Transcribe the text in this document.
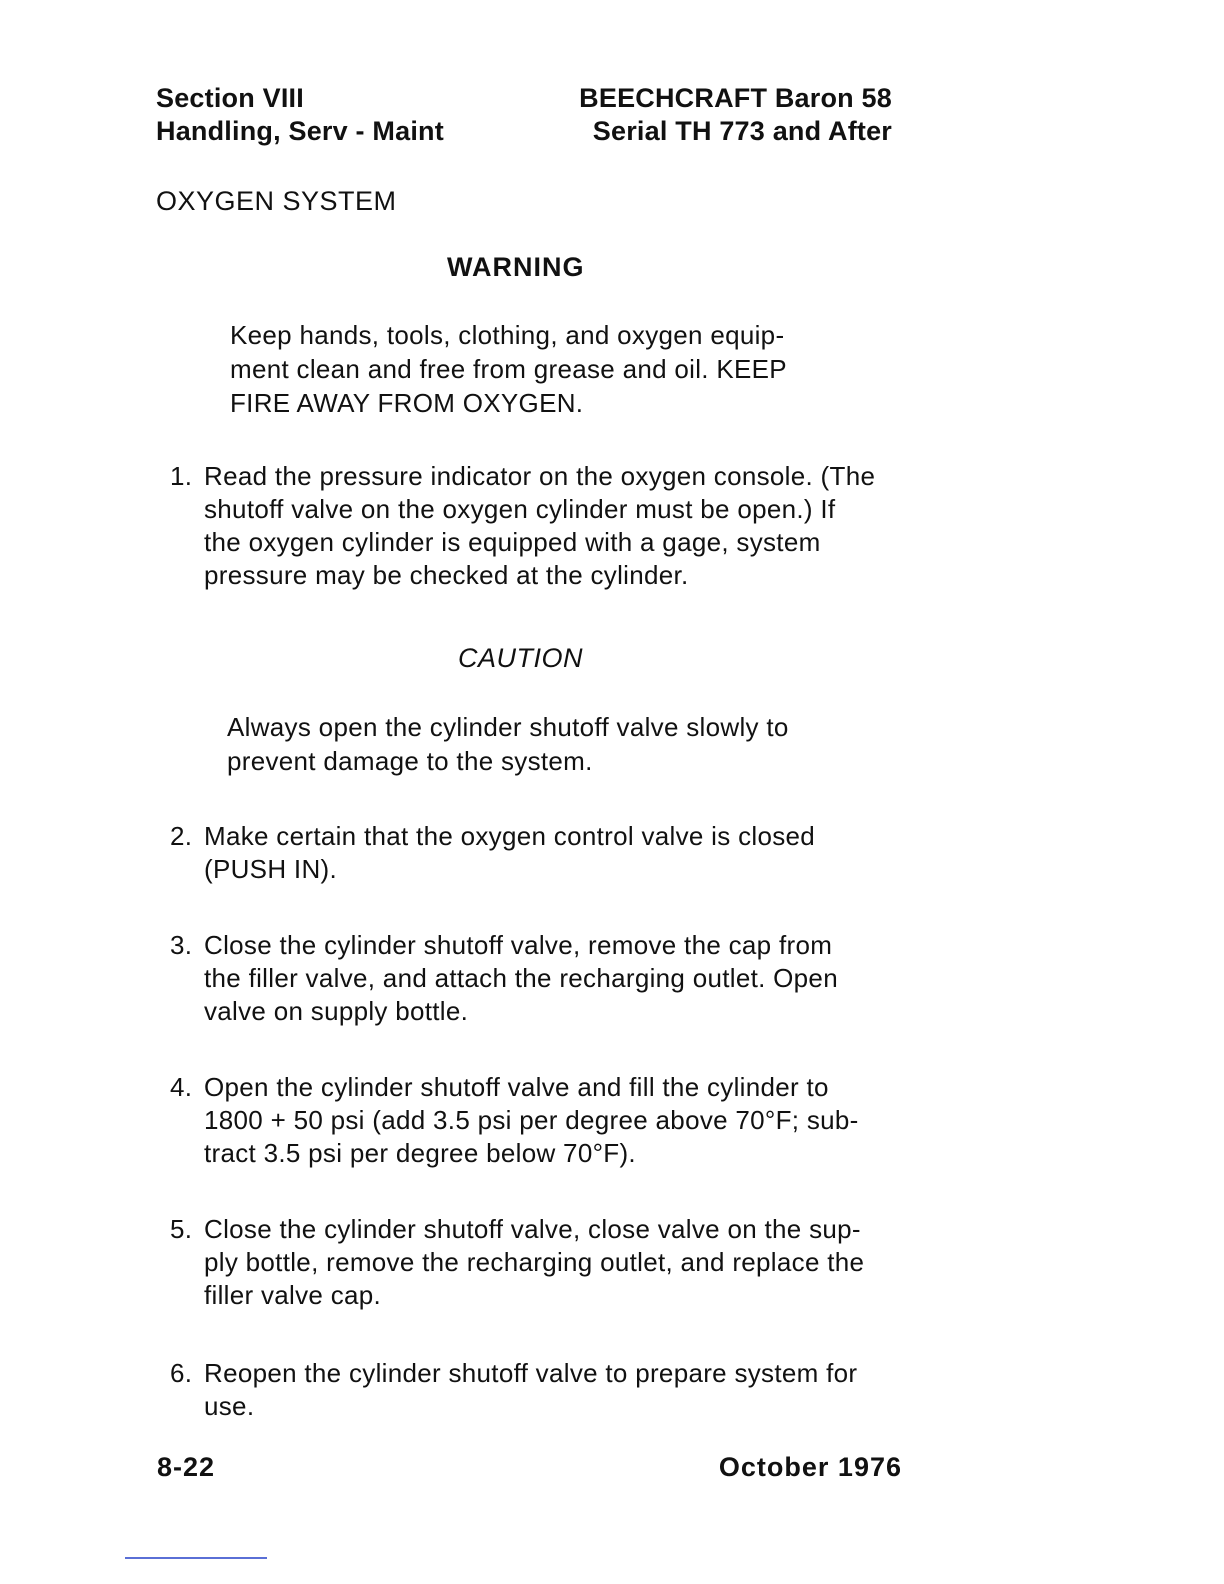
Section VIII
Handling, Serv - Maint
BEECHCRAFT Baron 58
Serial TH 773 and After
OXYGEN SYSTEM
WARNING
Keep hands, tools, clothing, and oxygen equip-
ment clean and free from grease and oil. KEEP
FIRE AWAY FROM OXYGEN.
1. Read the pressure indicator on the oxygen console. (The
shutoff valve on the oxygen cylinder must be open.) If
the oxygen cylinder is equipped with a gage, system
pressure may be checked at the cylinder.
CAUTION
Always open the cylinder shutoff valve slowly to
prevent damage to the system.
2. Make certain that the oxygen control valve is closed
(PUSH IN).
3. Close the cylinder shutoff valve, remove the cap from
the filler valve, and attach the recharging outlet. Open
valve on supply bottle.
4. Open the cylinder shutoff valve and fill the cylinder to
1800 + 50 psi (add 3.5 psi per degree above 70°F; sub-
tract 3.5 psi per degree below 70°F).
5. Close the cylinder shutoff valve, close valve on the sup-
ply bottle, remove the recharging outlet, and replace the
filler valve cap.
6. Reopen the cylinder shutoff valve to prepare system for
use.
8-22	October 1976
